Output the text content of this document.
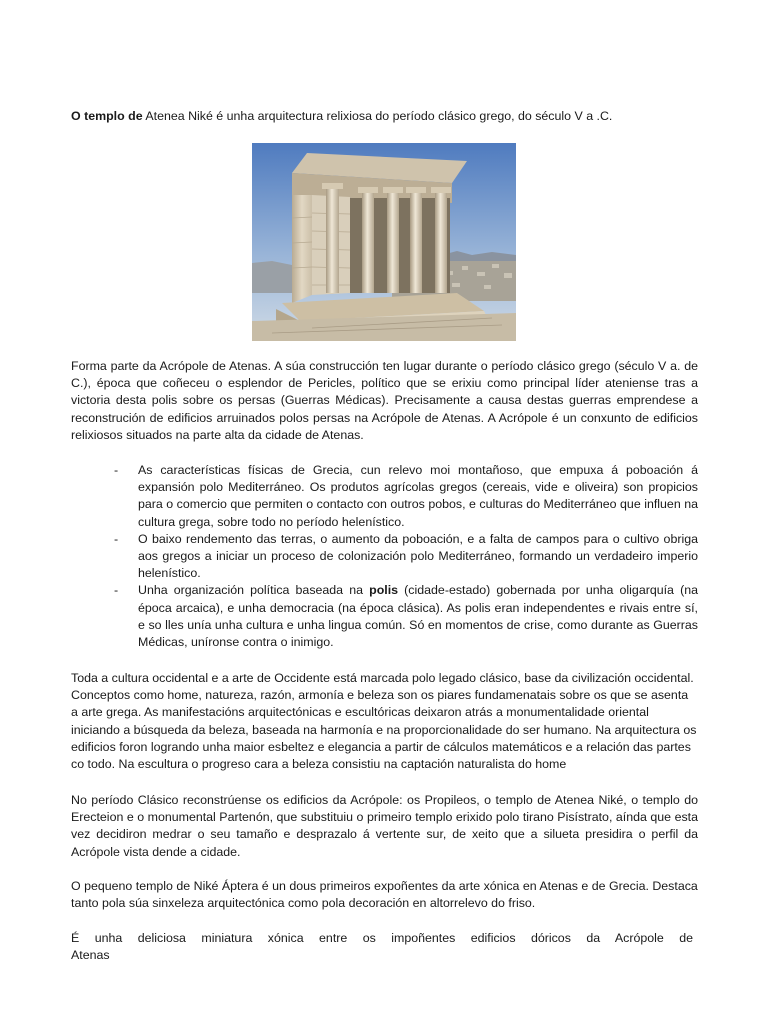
O templo de Atenea Niké é unha arquitectura relixiosa do período clásico grego, do século V a .C.

Forma parte da Acrópole de Atenas. A súa construcción ten lugar durante o período clásico grego (século V a. de C.), época que coñeceu o esplendor de Pericles, político que se erixiu como principal líder ateniense tras a victoria desta polis sobre os persas (Guerras Médicas). Precisamente a causa destas guerras emprendese a reconstrución de edificios arruinados polos persas na Acrópole de Atenas. A Acrópole é un conxunto de edificios relixiosos situados na parte alta da cidade de Atenas.

- As características físicas de Grecia, cun relevo moi montañoso, que empuxa á poboación á expansión polo Mediterráneo. Os produtos agrícolas gregos (cereais, vide e oliveira) son propicios para o comercio que permiten o contacto con outros pobos, e culturas do Mediterráneo que influen na cultura grega, sobre todo no período helenístico.
- O baixo rendemento das terras, o aumento da poboación, e a falta de campos para o cultivo obriga aos gregos a iniciar un proceso de colonización polo Mediterráneo, formando un verdadeiro imperio helenístico.
- Unha organización política baseada na polis (cidade-estado) gobernada por unha oligarquía (na época arcaica), e unha democracia (na época clásica). As polis eran independentes e rivais entre sí, e so lles unía unha cultura e unha lingua común. Só en momentos de crise, como durante as Guerras Médicas, uníronse contra o inimigo.

Toda a cultura occidental e a arte de Occidente está marcada polo legado clásico, base da civilización occidental. Conceptos como home, natureza, razón, armonía e beleza son os piares fundamenatais sobre os que se asenta a arte grega. As manifestacións arquitectónicas e escultóricas deixaron atrás a monumentalidade oriental iniciando a búsqueda da beleza, baseada na harmonía e na proporcionalidade do ser humano. Na arquitectura os edificios foron logrando unha maior esbeltez e elegancia a partir de cálculos matemáticos e a relación das partes co todo. Na escultura o progreso cara a beleza consistiu na captación naturalista do home

No período Clásico reconstrúense os edificios da Acrópole: os Propileos, o templo de Atenea Niké, o templo do Erecteion e o monumental Partenón, que substituiu o primeiro templo erixido polo tirano Pisístrato, aínda que esta vez decidiron medrar o seu tamaño e desprazalo á vertente sur, de xeito que a silueta presidira o perfil da Acrópole vista dende a cidade.

O pequeno templo de Niké Áptera é un dous primeiros expoñentes da arte xónica en Atenas e de Grecia. Destaca tanto pola súa sinxeleza arquitectónica como pola decoración en altorrelevo do friso.

É unha deliciosa miniatura xónica entre os impoñentes edificios dóricos da Acrópole de Atenas
